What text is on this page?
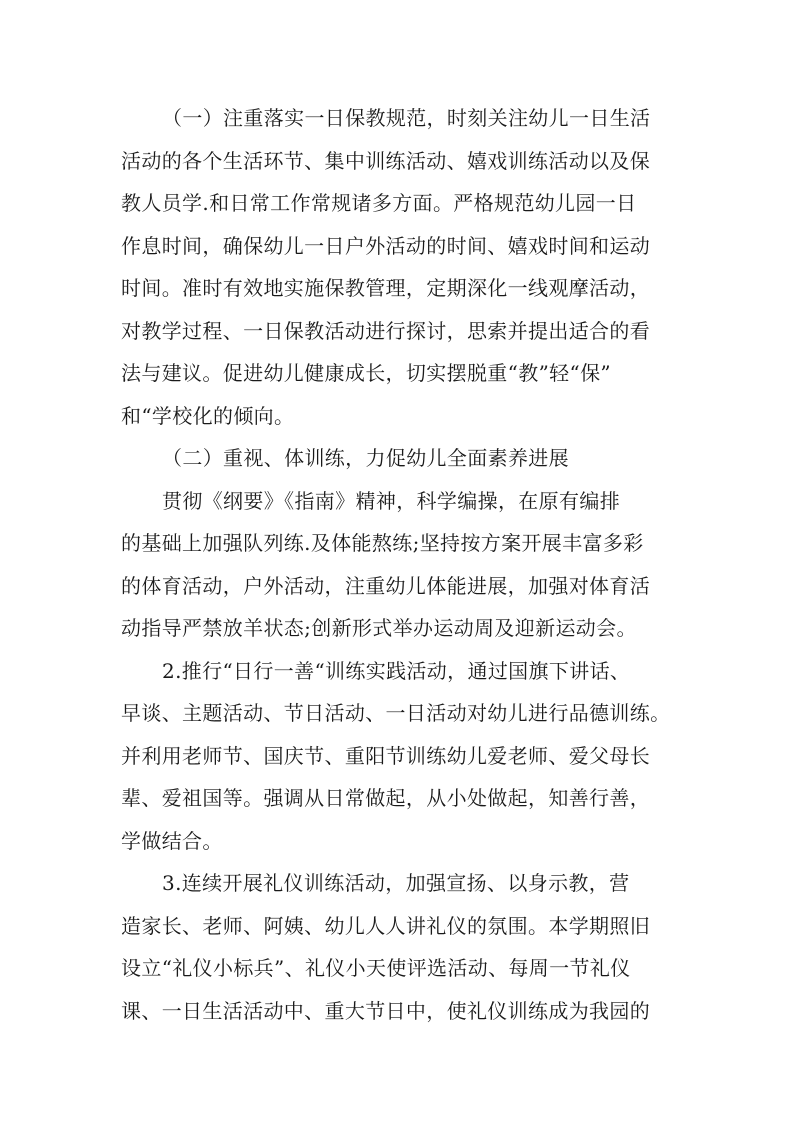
（一）注重落实一日保教规范，时刻关注幼儿一日生活
活动的各个生活环节、集中训练活动、嬉戏训练活动以及保
教人员学.和日常工作常规诸多方面。严格规范幼儿园一日
作息时间，确保幼儿一日户外活动的时间、嬉戏时间和运动
时间。准时有效地实施保教管理，定期深化一线观摩活动，
对教学过程、一日保教活动进行探讨，思索并提出适合的看
法与建议。促进幼儿健康成长，切实摆脱重“教”轻“保”
和“学校化的倾向。
（二）重视、体训练，力促幼儿全面素养进展
贯彻《纲要》《指南》精神，科学编操，在原有编排
的基础上加强队列练.及体能熬练;坚持按方案开展丰富多彩
的体育活动，户外活动，注重幼儿体能进展，加强对体育活
动指导严禁放羊状态;创新形式举办运动周及迎新运动会。
2.推行“日行一善“训练实践活动，通过国旗下讲话、
早谈、主题活动、节日活动、一日活动对幼儿进行品德训练。
并利用老师节、国庆节、重阳节训练幼儿爱老师、爱父母长
辈、爱祖国等。强调从日常做起，从小处做起，知善行善，
学做结合。
3.连续开展礼仪训练活动，加强宣扬、以身示教，营
造家长、老师、阿姨、幼儿人人讲礼仪的氛围。本学期照旧
设立“礼仪小标兵”、礼仪小天使评选活动、每周一节礼仪
课、一日生活活动中、重大节日中，使礼仪训练成为我园的
